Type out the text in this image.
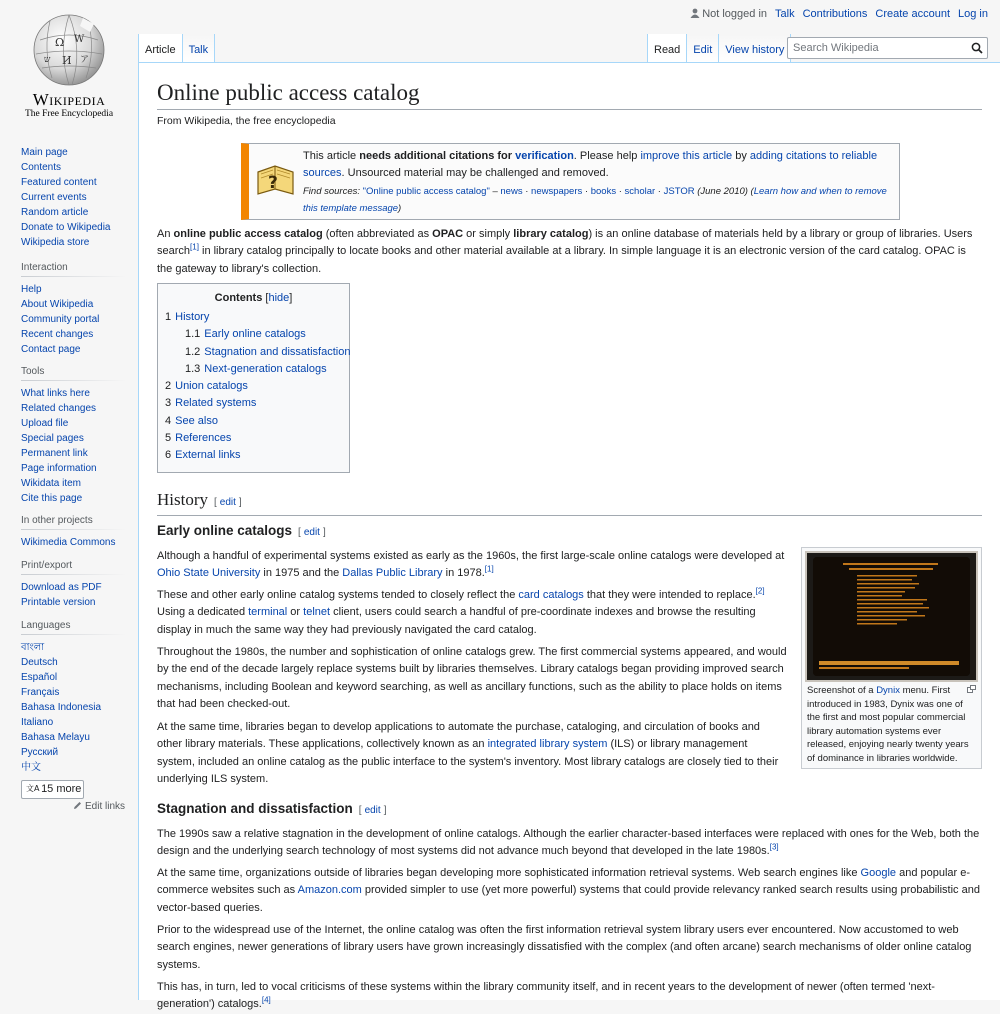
Ω W
И ア
ש
Wikipedia
The Free Encyclopedia
Not logged in Talk Contributions Create account Log in
Article	Talk	Read	Edit	View history
Search Wikipedia
Main page
Contents
Featured content
Current events
Random article
Donate to Wikipedia
Wikipedia store
Interaction
Help
About Wikipedia
Community portal
Recent changes
Contact page
Tools
What links here
Related changes
Upload file
Special pages
Permanent link
Page information
Wikidata item
Cite this page
In other projects
Wikimedia Commons
Print/export
Download as PDF
Printable version
Languages
বাংলা
Deutsch
Español
Français
Bahasa Indonesia
Italiano
Bahasa Melayu
Русский
中文
文A 15 more
Edit links
Online public access catalog
From Wikipedia, the free encyclopedia
?
This article needs additional citations for verification. Please help improve this article by adding citations to reliable sources. Unsourced material may be challenged and removed.
Find sources: "Online public access catalog" – news · newspapers · books · scholar · JSTOR (June 2010) (Learn how and when to remove this template message)

An online public access catalog (often abbreviated as OPAC or simply library catalog) is an online database of materials held by a library or group of libraries. Users search[1] in library catalog principally to locate books and other material available at a library. In simple language it is an electronic version of the card catalog. OPAC is the gateway to library's collection.

Contents [hide]
1 History
1.1 Early online catalogs
1.2 Stagnation and dissatisfaction
1.3 Next-generation catalogs
2 Union catalogs
3 Related systems
4 See also
5 References
6 External links
History [ edit ]
Early online catalogs [ edit ]

Although a handful of experimental systems existed as early as the 1960s, the first large-scale online catalogs were developed at Ohio State University in 1975 and the Dallas Public Library in 1978.[1]

These and other early online catalog systems tended to closely reflect the card catalogs that they were intended to replace.[2]
Using a dedicated terminal or telnet client, users could search a handful of pre-coordinate indexes and browse the resulting display in much the same way they had previously navigated the card catalog.

Throughout the 1980s, the number and sophistication of online catalogs grew. The first commercial systems appeared, and would by the end of the decade largely replace systems built by libraries themselves. Library catalogs began providing improved search mechanisms, including Boolean and keyword searching, as well as ancillary functions, such as the ability to place holds on items that had been checked-out.

At the same time, libraries began to develop applications to automate the purchase, cataloging, and circulation of books and other library materials. These applications, collectively known as an integrated library system (ILS) or library management system, included an online catalog as the public interface to the system's inventory. Most library catalogs are closely tied to their underlying ILS system.

Screenshot of a Dynix menu. First introduced in 1983, Dynix was one of the first and most popular commercial library automation systems ever released, enjoying nearly twenty years of dominance in libraries worldwide.
Stagnation and dissatisfaction [ edit ]

The 1990s saw a relative stagnation in the development of online catalogs. Although the earlier character-based interfaces were replaced with ones for the Web, both the design and the underlying search technology of most systems did not advance much beyond that developed in the late 1980s.[3]

At the same time, organizations outside of libraries began developing more sophisticated information retrieval systems. Web search engines like Google and popular e-commerce websites such as Amazon.com provided simpler to use (yet more powerful) systems that could provide relevancy ranked search results using probabilistic and vector-based queries.

Prior to the widespread use of the Internet, the online catalog was often the first information retrieval system library users ever encountered. Now accustomed to web search engines, newer generations of library users have grown increasingly dissatisfied with the complex (and often arcane) search mechanisms of older online catalog systems.

This has, in turn, led to vocal criticisms of these systems within the library community itself, and in recent years to the development of newer (often termed 'next-generation') catalogs.[4]
